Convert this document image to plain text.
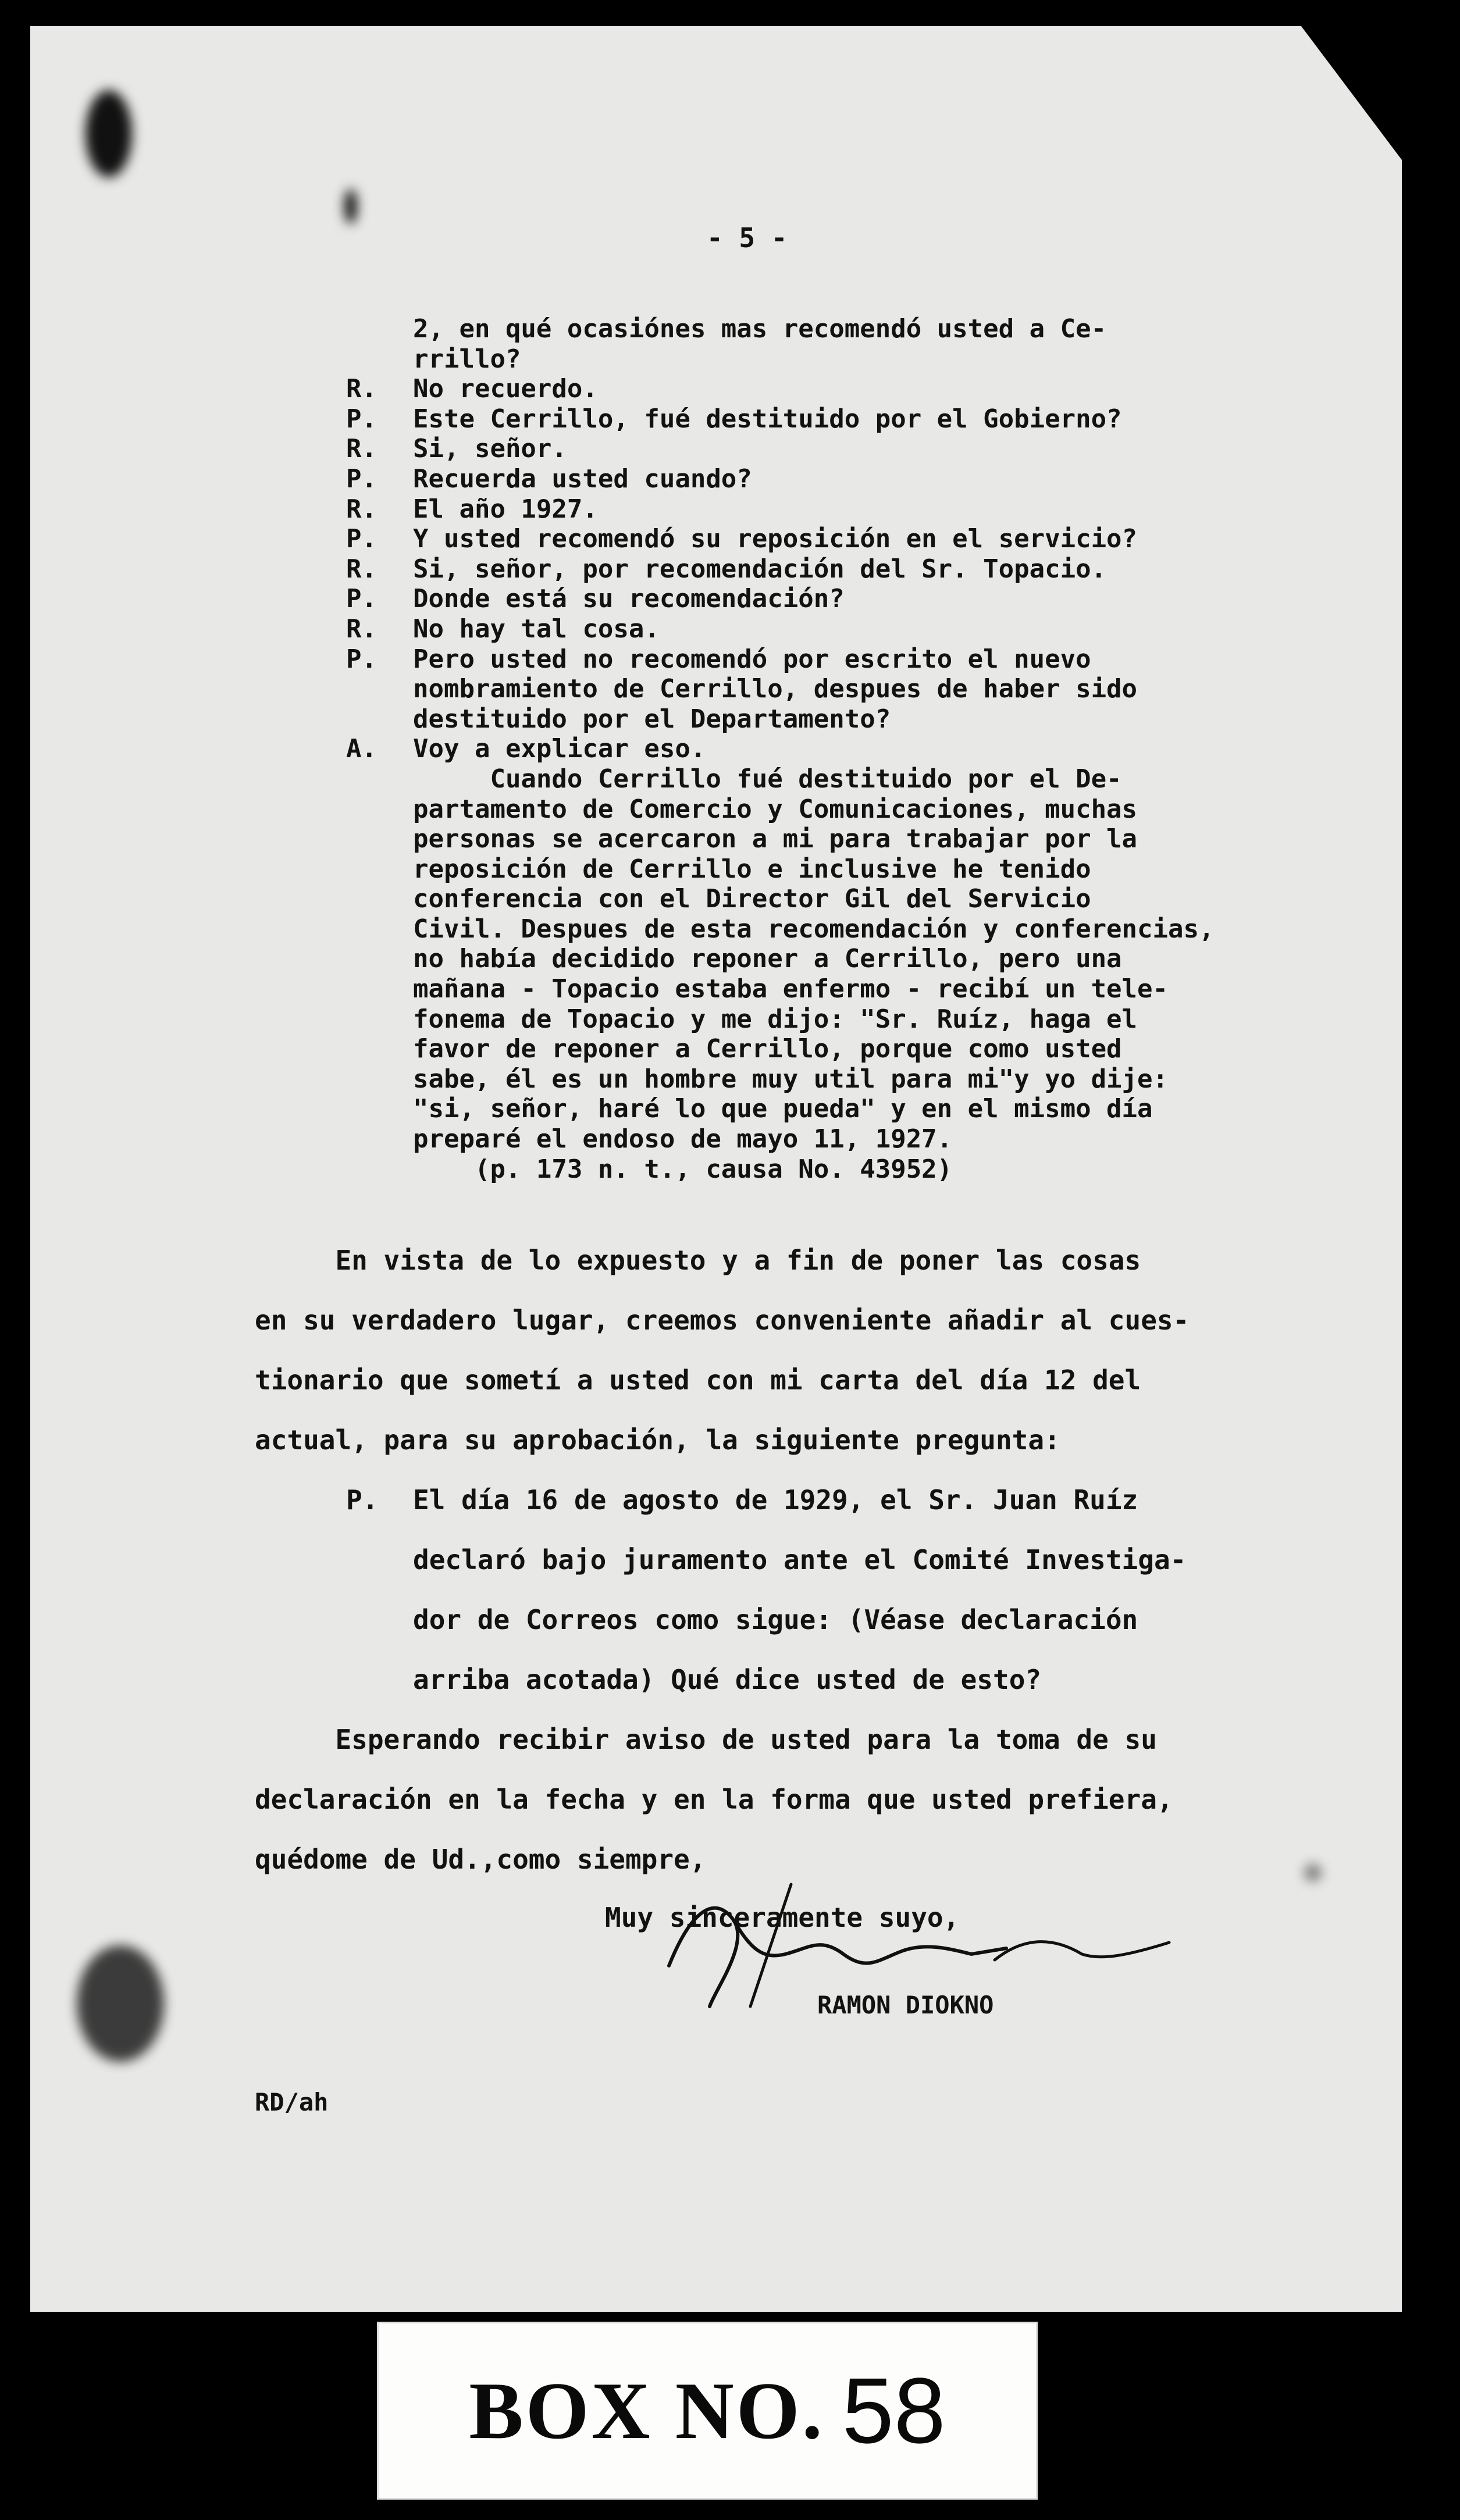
- 5 -
2, en qué ocasiónes mas recomendó usted a Ce-
rrillo?
R.	No recuerdo.
P.	Este Cerrillo, fué destituido por el Gobierno?
R.	Si, señor.
P.	Recuerda usted cuando?
R.	El año 1927.
P.	Y usted recomendó su reposición en el servicio?
R.	Si, señor, por recomendación del Sr. Topacio.
P.	Donde está su recomendación?
R.	No hay tal cosa.
P.	Pero usted no recomendó por escrito el nuevo
nombramiento de Cerrillo, despues de haber sido
destituido por el Departamento?
A.	Voy a explicar eso.
Cuando Cerrillo fué destituido por el De-
partamento de Comercio y Comunicaciones, muchas
personas se acercaron a mi para trabajar por la
reposición de Cerrillo e inclusive he tenido
conferencia con el Director Gil del Servicio
Civil. Despues de esta recomendación y conferencias,
no había decidido reponer a Cerrillo, pero una
mañana - Topacio estaba enfermo - recibí un tele-
fonema de Topacio y me dijo: "Sr. Ruíz, haga el
favor de reponer a Cerrillo, porque como usted
sabe, él es un hombre muy util para mi"y yo dije:
"si, señor, haré lo que pueda" y en el mismo día
preparé el endoso de mayo 11, 1927.
(p. 173 n. t., causa No. 43952)
En vista de lo expuesto y a fin de poner las cosas
en su verdadero lugar, creemos conveniente añadir al cues-
tionario que sometí a usted con mi carta del día 12 del
actual, para su aprobación, la siguiente pregunta:
P. El día 16 de agosto de 1929, el Sr. Juan Ruíz
declaró bajo juramento ante el Comité Investiga-
dor de Correos como sigue: (Véase declaración
arriba acotada) Qué dice usted de esto?
Esperando recibir aviso de usted para la toma de su
declaración en la fecha y en la forma que usted prefiera,
quédome de Ud.,como siempre,
Muy sinceramente suyo,
RAMON DIOKNO
RD/ah
BOX NO. 58
